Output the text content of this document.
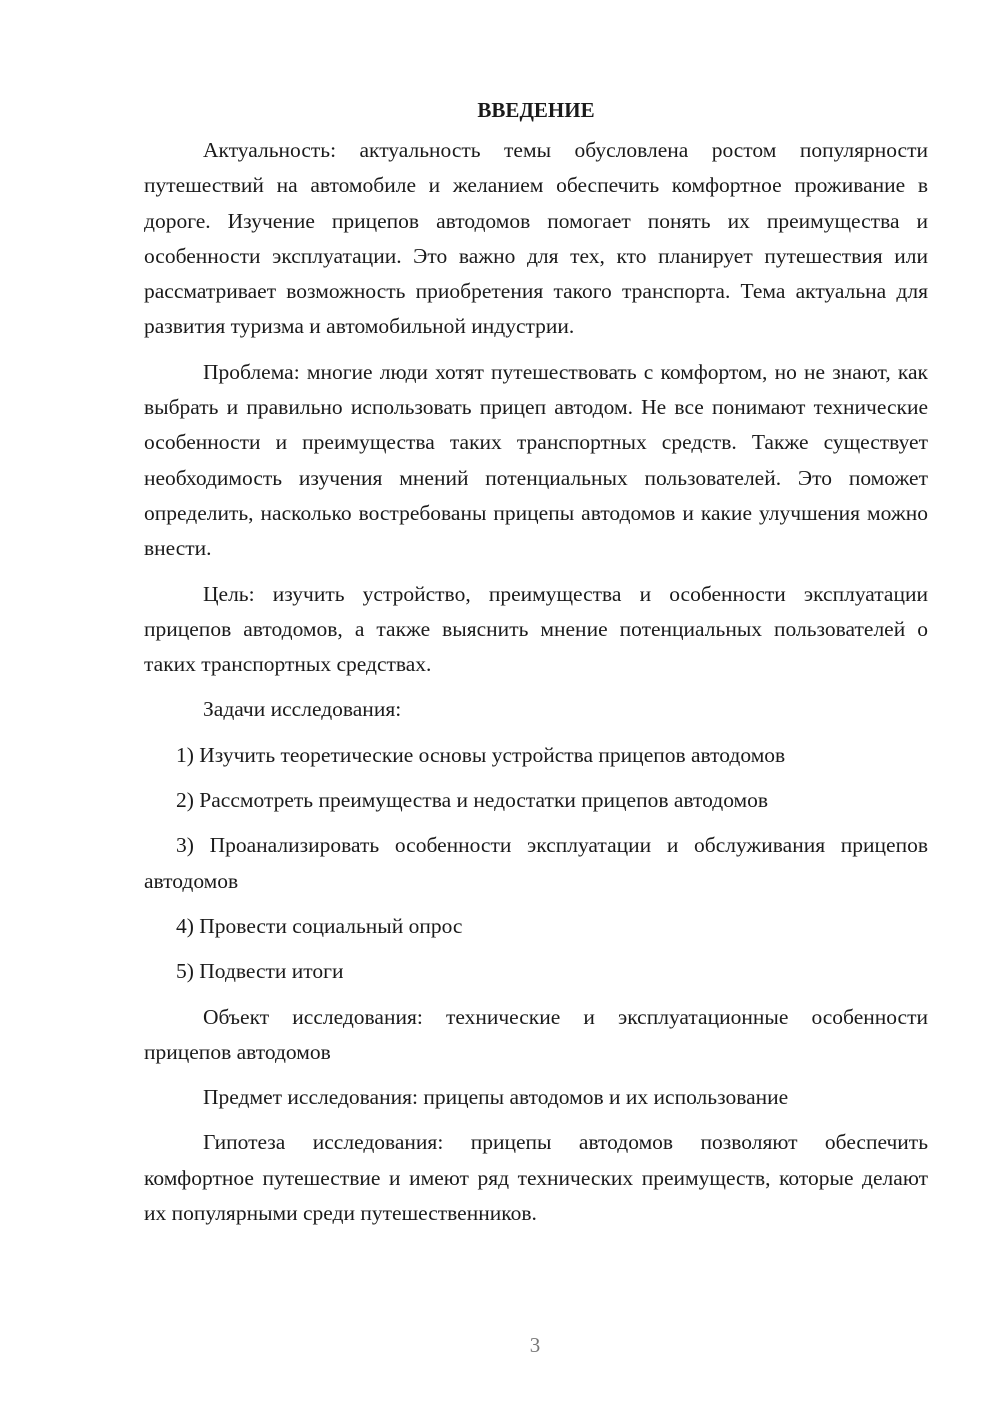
ВВЕДЕНИЕ

Актуальность: актуальность темы обусловлена ростом популярности путешествий на автомобиле и желанием обеспечить комфортное проживание в дороге. Изучение прицепов автодомов помогает понять их преимущества и особенности эксплуатации. Это важно для тех, кто планирует путешествия или рассматривает возможность приобретения такого транспорта. Тема актуальна для развития туризма и автомобильной индустрии.

Проблема: многие люди хотят путешествовать с комфортом, но не знают, как выбрать и правильно использовать прицеп автодом. Не все понимают технические особенности и преимущества таких транспортных средств. Также существует необходимость изучения мнений потенциальных пользователей. Это поможет определить, насколько востребованы прицепы автодомов и какие улучшения можно внести.

Цель: изучить устройство, преимущества и особенности эксплуатации прицепов автодомов, а также выяснить мнение потенциальных пользователей о таких транспортных средствах.

Задачи исследования:

1) Изучить теоретические основы устройства прицепов автодомов

2) Рассмотреть преимущества и недостатки прицепов автодомов

3) Проанализировать особенности эксплуатации и обслуживания прицепов автодомов

4) Провести социальный опрос

5) Подвести итоги

Объект исследования: технические и эксплуатационные особенности прицепов автодомов

Предмет исследования: прицепы автодомов и их использование

Гипотеза исследования: прицепы автодомов позволяют обеспечить комфортное путешествие и имеют ряд технических преимуществ, которые делают их популярными среди путешественников.

3
